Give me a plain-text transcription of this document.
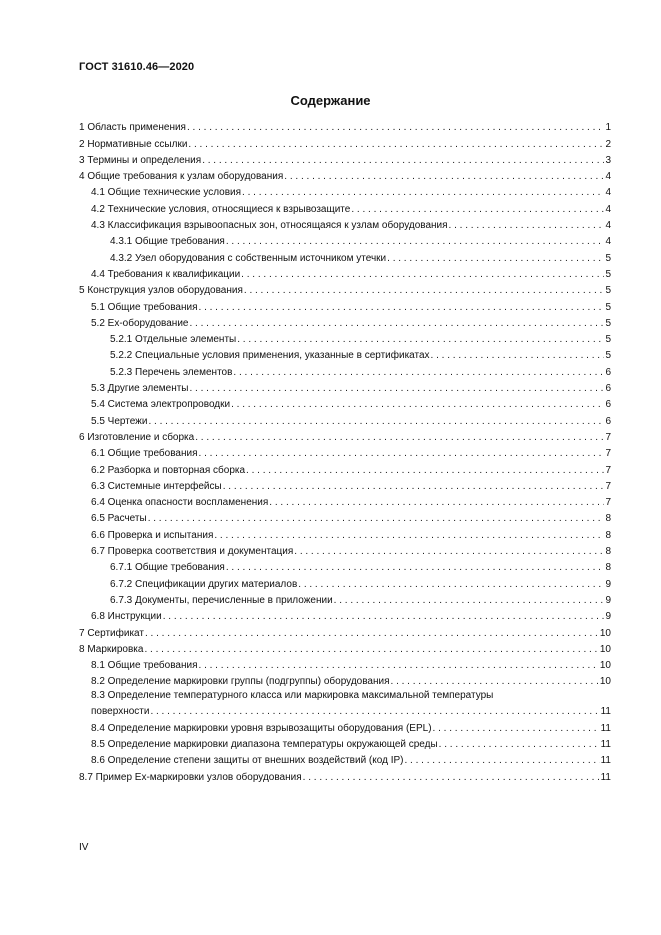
ГОСТ 31610.46—2020
Содержание
1 Область применения . . .	1
2 Нормативные ссылки . . .	2
3 Термины и определения . . .	3
4 Общие требования к узлам оборудования . . .	4
4.1 Общие технические условия . . .	4
4.2 Технические условия, относящиеся к взрывозащите . . .	4
4.3 Классификация взрывоопасных зон, относящаяся к узлам оборудования . . .	4
4.3.1 Общие требования . . .	4
4.3.2 Узел оборудования с собственным источником утечки . . .	5
4.4 Требования к квалификации . . .	5
5 Конструкция узлов оборудования . . .	5
5.1 Общие требования . . .	5
5.2 Ex-оборудование . . .	5
5.2.1 Отдельные элементы . . .	5
5.2.2 Специальные условия применения, указанные в сертификатах . . .	5
5.2.3 Перечень элементов . . .	6
5.3 Другие элементы . . .	6
5.4 Система электропроводки . . .	6
5.5 Чертежи . . .	6
6 Изготовление и сборка . . .	7
6.1 Общие требования . . .	7
6.2 Разборка и повторная сборка . . .	7
6.3 Системные интерфейсы . . .	7
6.4 Оценка опасности воспламенения . . .	7
6.5 Расчеты . . .	8
6.6 Проверка и испытания . . .	8
6.7 Проверка соответствия и документация . . .	8
6.7.1 Общие требования . . .	8
6.7.2 Спецификации других материалов . . .	9
6.7.3 Документы, перечисленные в приложении . . .	9
6.8 Инструкции . . .	9
7 Сертификат . . .	10
8 Маркировка . . .	10
8.1 Общие требования . . .	10
8.2 Определение маркировки группы (подгруппы) оборудования . . .	10
8.3 Определение температурного класса или маркировка максимальной температуры
поверхности . . .	11
8.4 Определение маркировки уровня взрывозащиты оборудования (EPL) . . .	11
8.5 Определение маркировки диапазона температуры окружающей среды . . .	11
8.6 Определение степени защиты от внешних воздействий (код IP) . . .	11
8.7 Пример Ex-маркировки узлов оборудования . . .	11
IV
